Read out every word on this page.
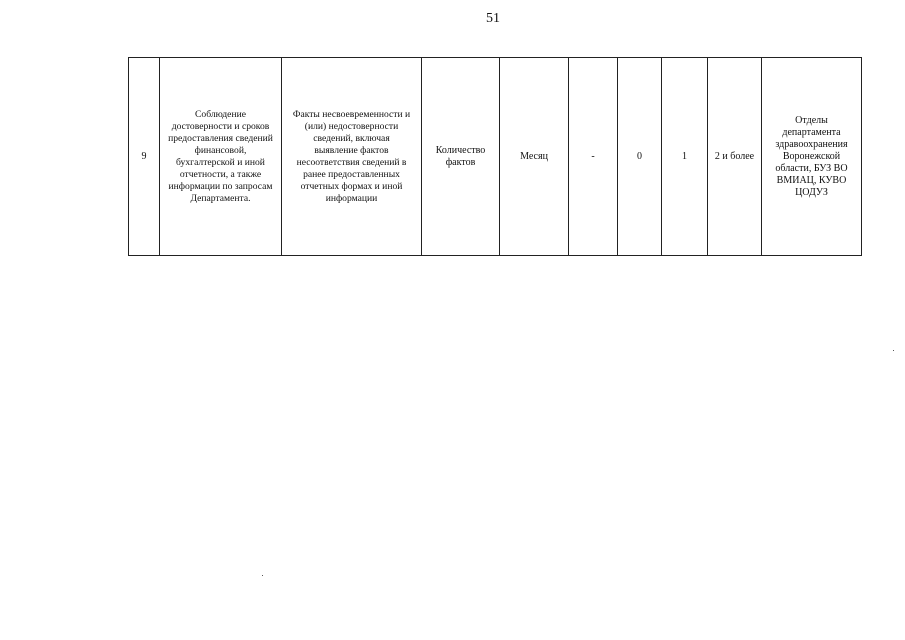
51
9	Соблюдение
достоверности и сроков
предоставления сведений
финансовой,
бухгалтерской и иной
отчетности, а также
информации по запросам
Департамента.	Факты несвоевременности и
(или) недостоверности
сведений, включая
выявление фактов
несоответствия сведений в
ранее предоставленных
отчетных формах и иной
информации	Количество
фактов	Месяц	-	0	1	2 и более	Отделы
департамента
здравоохранения
Воронежской
области, БУЗ ВО
ВМИАЦ, КУВО
ЦОДУЗ
